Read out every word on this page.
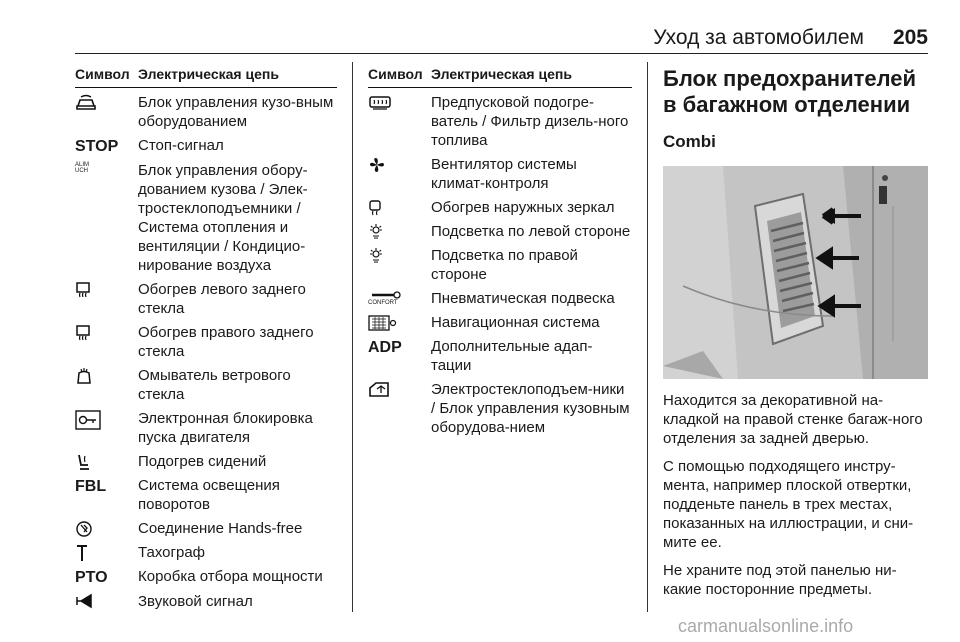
Уход за автомобилем 205
Символ Электрическая цепь
Блок управления кузо-вным оборудованием
STOP Стоп-сигнал
ALIM UCH	Блок управления обору-дованием кузова / Элек-тростеклоподъемники / Система отопления и вентиляции / Кондицио-нирование воздуха
Обогрев левого заднего стекла
Обогрев правого заднего стекла
Омыватель ветрового стекла
Электронная блокировка пуска двигателя
Подогрев сидений
FBL Система освещения поворотов
Соединение Hands-free
Тахограф
PTO Коробка отбора мощности
Звуковой сигнал
Символ Электрическая цепь
Предпусковой подогре-ватель / Фильтр дизель-ного топлива
Вентилятор системы климат-контроля
Обогрев наружных зеркал
Подсветка по левой стороне
Подсветка по правой стороне
CONFORT Пневматическая подвеска
Навигационная система
ADP Дополнительные адап-тации
Электростеклоподъем-ники / Блок управления кузовным оборудова-нием
Блок предохранителей в багажном отделении
Combi
Находится за декоративной на-кладкой на правой стенке багаж-ного отделения за задней дверью.
С помощью подходящего инстру-мента, например плоской отвертки, подденьте панель в трех местах, показанных на иллюстрации, и сни-мите ее.
Не храните под этой панелью ни-какие посторонние предметы.
carmanualsonline.info
